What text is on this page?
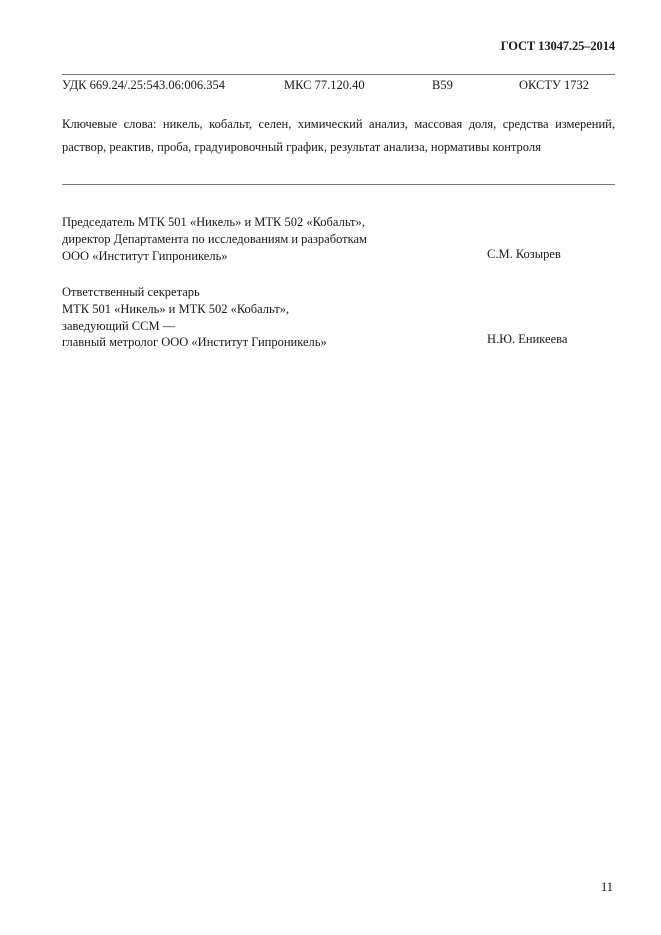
ГОСТ 13047.25–2014
УДК 669.24/.25:543.06:006.354	МКС 77.120.40	В59	ОКСТУ 1732
Ключевые слова: никель, кобальт, селен, химический анализ, массовая доля, средства измерений, раствор, реактив, проба, градуировочный график, результат анализа, нормативы контроля
Председатель МТК 501 «Никель» и МТК 502 «Кобальт»,
директор Департамента по исследованиям и разработкам
ООО «Институт Гипроникель»	С.М. Козырев
Ответственный секретарь
МТК 501 «Никель» и МТК 502 «Кобальт»,
заведующий ССМ —
главный метролог ООО «Институт Гипроникель»	Н.Ю. Еникеева
11
